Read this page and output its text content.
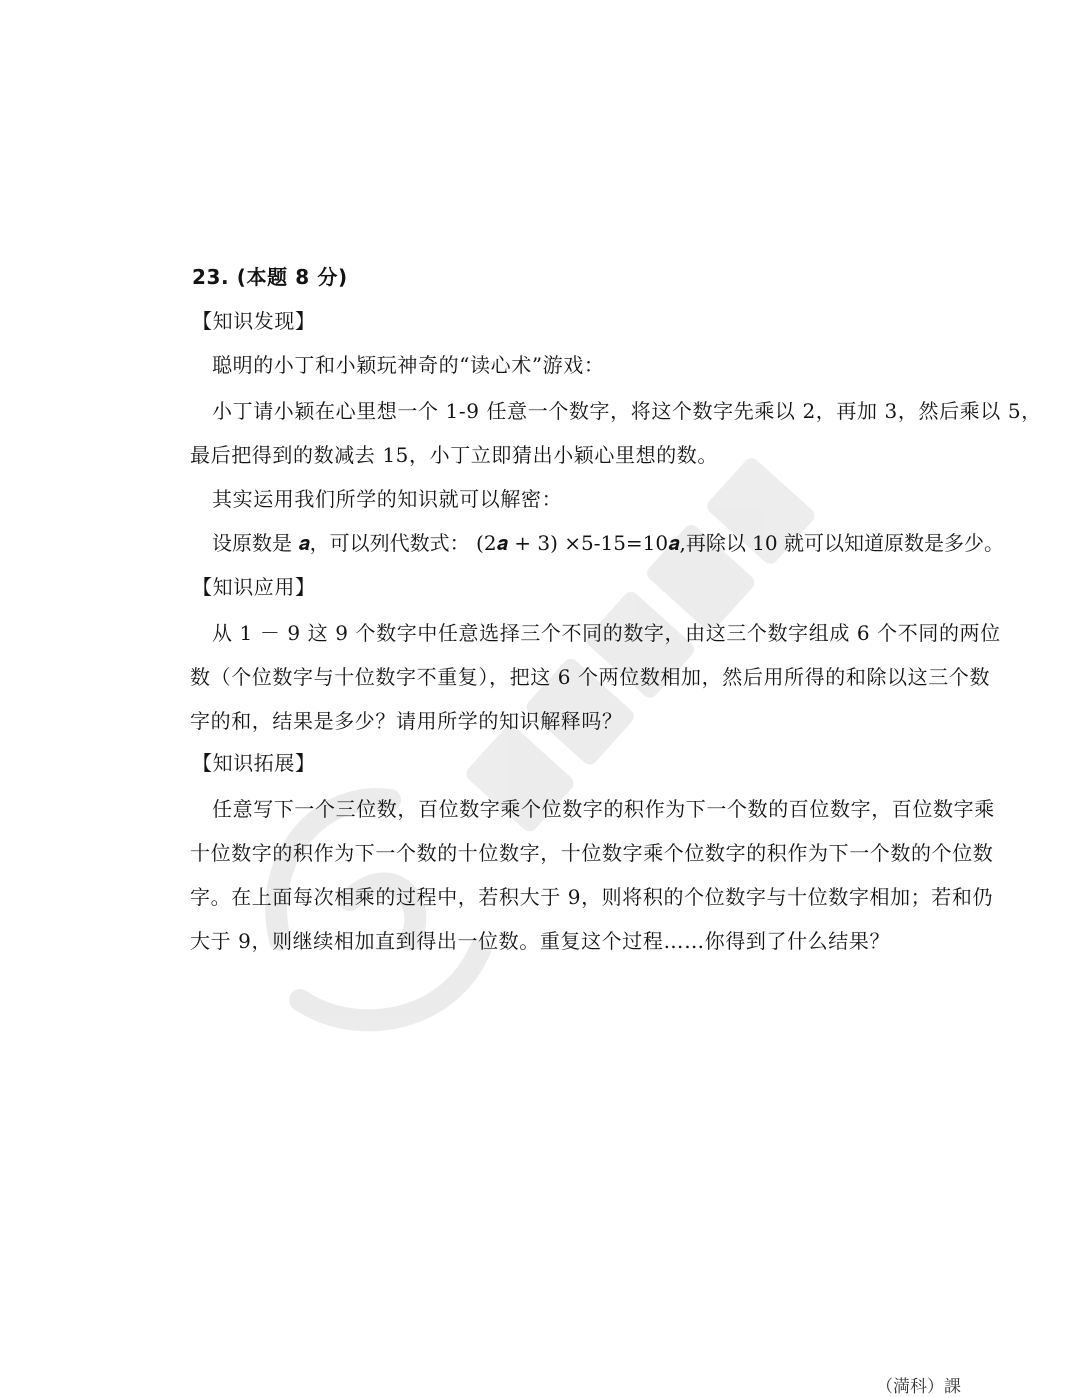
23. (本题 8 分)
【知识发现】
聪明的小丁和小颖玩神奇的“读心术”游戏：
小丁请小颖在心里想一个 1-9 任意一个数字，将这个数字先乘以 2，再加 3，然后乘以 5，
最后把得到的数减去 15，小丁立即猜出小颖心里想的数。
其实运用我们所学的知识就可以解密：
设原数是 𝒂，可以列代数式： (2𝒂 + 3) ×5-15=10𝒂,再除以 10 就可以知道原数是多少。
【知识应用】
从 1 － 9 这 9 个数字中任意选择三个不同的数字，由这三个数字组成 6 个不同的两位
数（个位数字与十位数字不重复），把这 6 个两位数相加，然后用所得的和除以这三个数
字的和，结果是多少？请用所学的知识解释吗？
【知识拓展】
任意写下一个三位数，百位数字乘个位数字的积作为下一个数的百位数字，百位数字乘
十位数字的积作为下一个数的十位数字，十位数字乘个位数字的积作为下一个数的个位数
字。在上面每次相乘的过程中，若积大于 9，则将积的个位数字与十位数字相加；若和仍
大于 9，则继续相加直到得出一位数。重复这个过程……你得到了什么结果？
（満科）課
